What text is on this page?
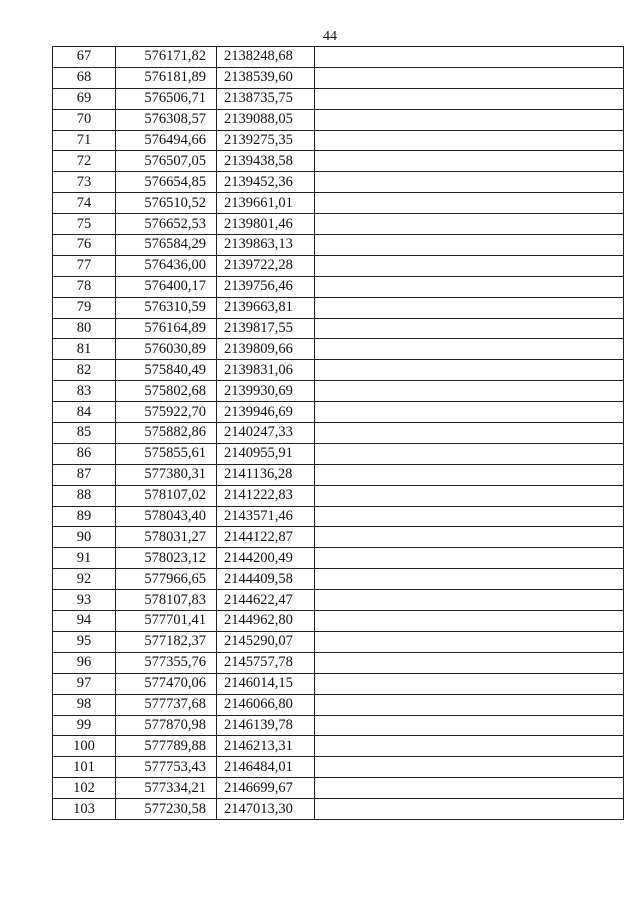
44
67	576171,82	2138248,68	
68	576181,89	2138539,60	
69	576506,71	2138735,75	
70	576308,57	2139088,05	
71	576494,66	2139275,35	
72	576507,05	2139438,58	
73	576654,85	2139452,36	
74	576510,52	2139661,01	
75	576652,53	2139801,46	
76	576584,29	2139863,13	
77	576436,00	2139722,28	
78	576400,17	2139756,46	
79	576310,59	2139663,81	
80	576164,89	2139817,55	
81	576030,89	2139809,66	
82	575840,49	2139831,06	
83	575802,68	2139930,69	
84	575922,70	2139946,69	
85	575882,86	2140247,33	
86	575855,61	2140955,91	
87	577380,31	2141136,28	
88	578107,02	2141222,83	
89	578043,40	2143571,46	
90	578031,27	2144122,87	
91	578023,12	2144200,49	
92	577966,65	2144409,58	
93	578107,83	2144622,47	
94	577701,41	2144962,80	
95	577182,37	2145290,07	
96	577355,76	2145757,78	
97	577470,06	2146014,15	
98	577737,68	2146066,80	
99	577870,98	2146139,78	
100	577789,88	2146213,31	
101	577753,43	2146484,01	
102	577334,21	2146699,67	
103	577230,58	2147013,30	
